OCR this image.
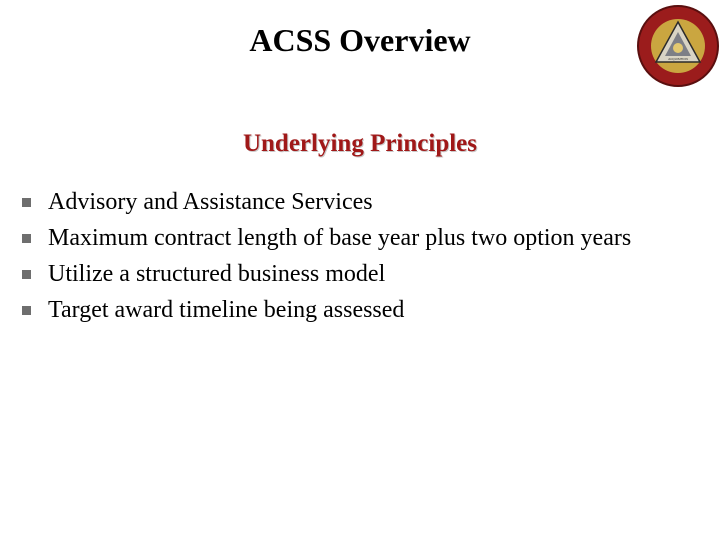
ACSS Overview
ACQUISITION
Underlying Principles
Advisory and Assistance Services
Maximum contract length of base year plus two option years
Utilize a structured business model
Target award timeline being assessed
